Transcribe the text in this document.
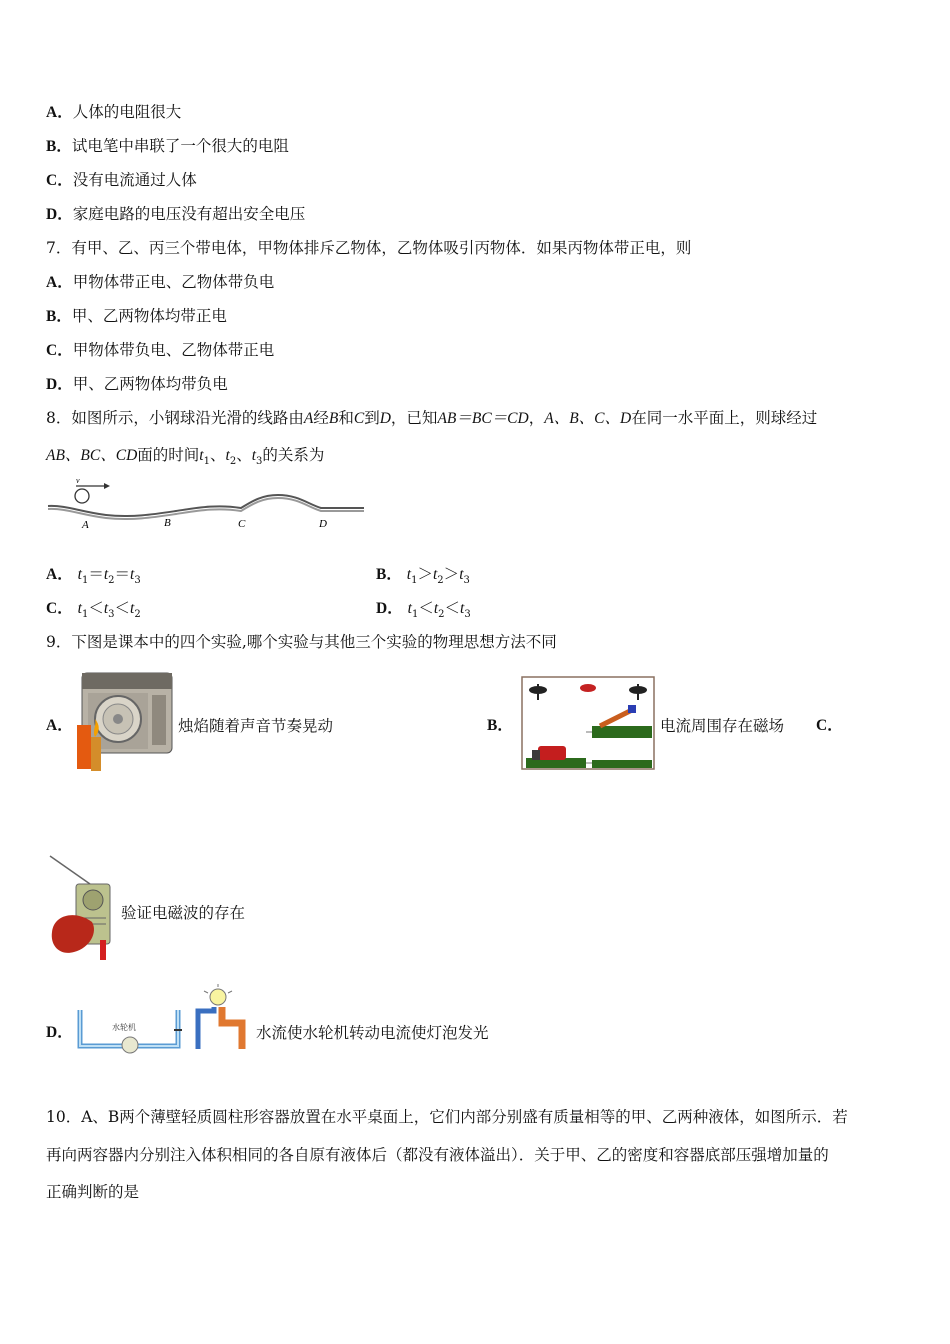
A．人体的电阻很大
B．试电笔中串联了一个很大的电阻
C．没有电流通过人体
D．家庭电路的电压没有超出安全电压
7．有甲、乙、丙三个带电体，甲物体排斥乙物体，乙物体吸引丙物体．如果丙物体带正电，则
A．甲物体带正电、乙物体带负电
B．甲、乙两物体均带正电
C．甲物体带负电、乙物体带正电
D．甲、乙两物体均带负电
8．如图所示，小钢球沿光滑的线路由A经B和C到D，已知AB＝BC＝CD，A、B、C、D在同一水平面上，则球经过
AB、BC、CD面的时间$t_1$、$t_2$、$t_3$的关系为
v
A	B	C	D
A． $t_1=t_2=t_3$	B． $t_1>t_2>t_3$
C． $t_1<t_3<t_2$	D． $t_1<t_2<t_3$
9．下图是课本中的四个实验,哪个实验与其他三个实验的物理思想方法不同
A．	烛焰随着声音节奏晃动	B．	电流周围存在磁场 C．
验证电磁波的存在
D．	水轮机	水流使水轮机转动电流使灯泡发光
10．A、B两个薄壁轻质圆柱形容器放置在水平桌面上，它们内部分别盛有质量相等的甲、乙两种液体，如图所示．若
再向两容器内分别注入体积相同的各自原有液体后（都没有液体溢出）．关于甲、乙的密度和容器底部压强增加量的
正确判断的是
